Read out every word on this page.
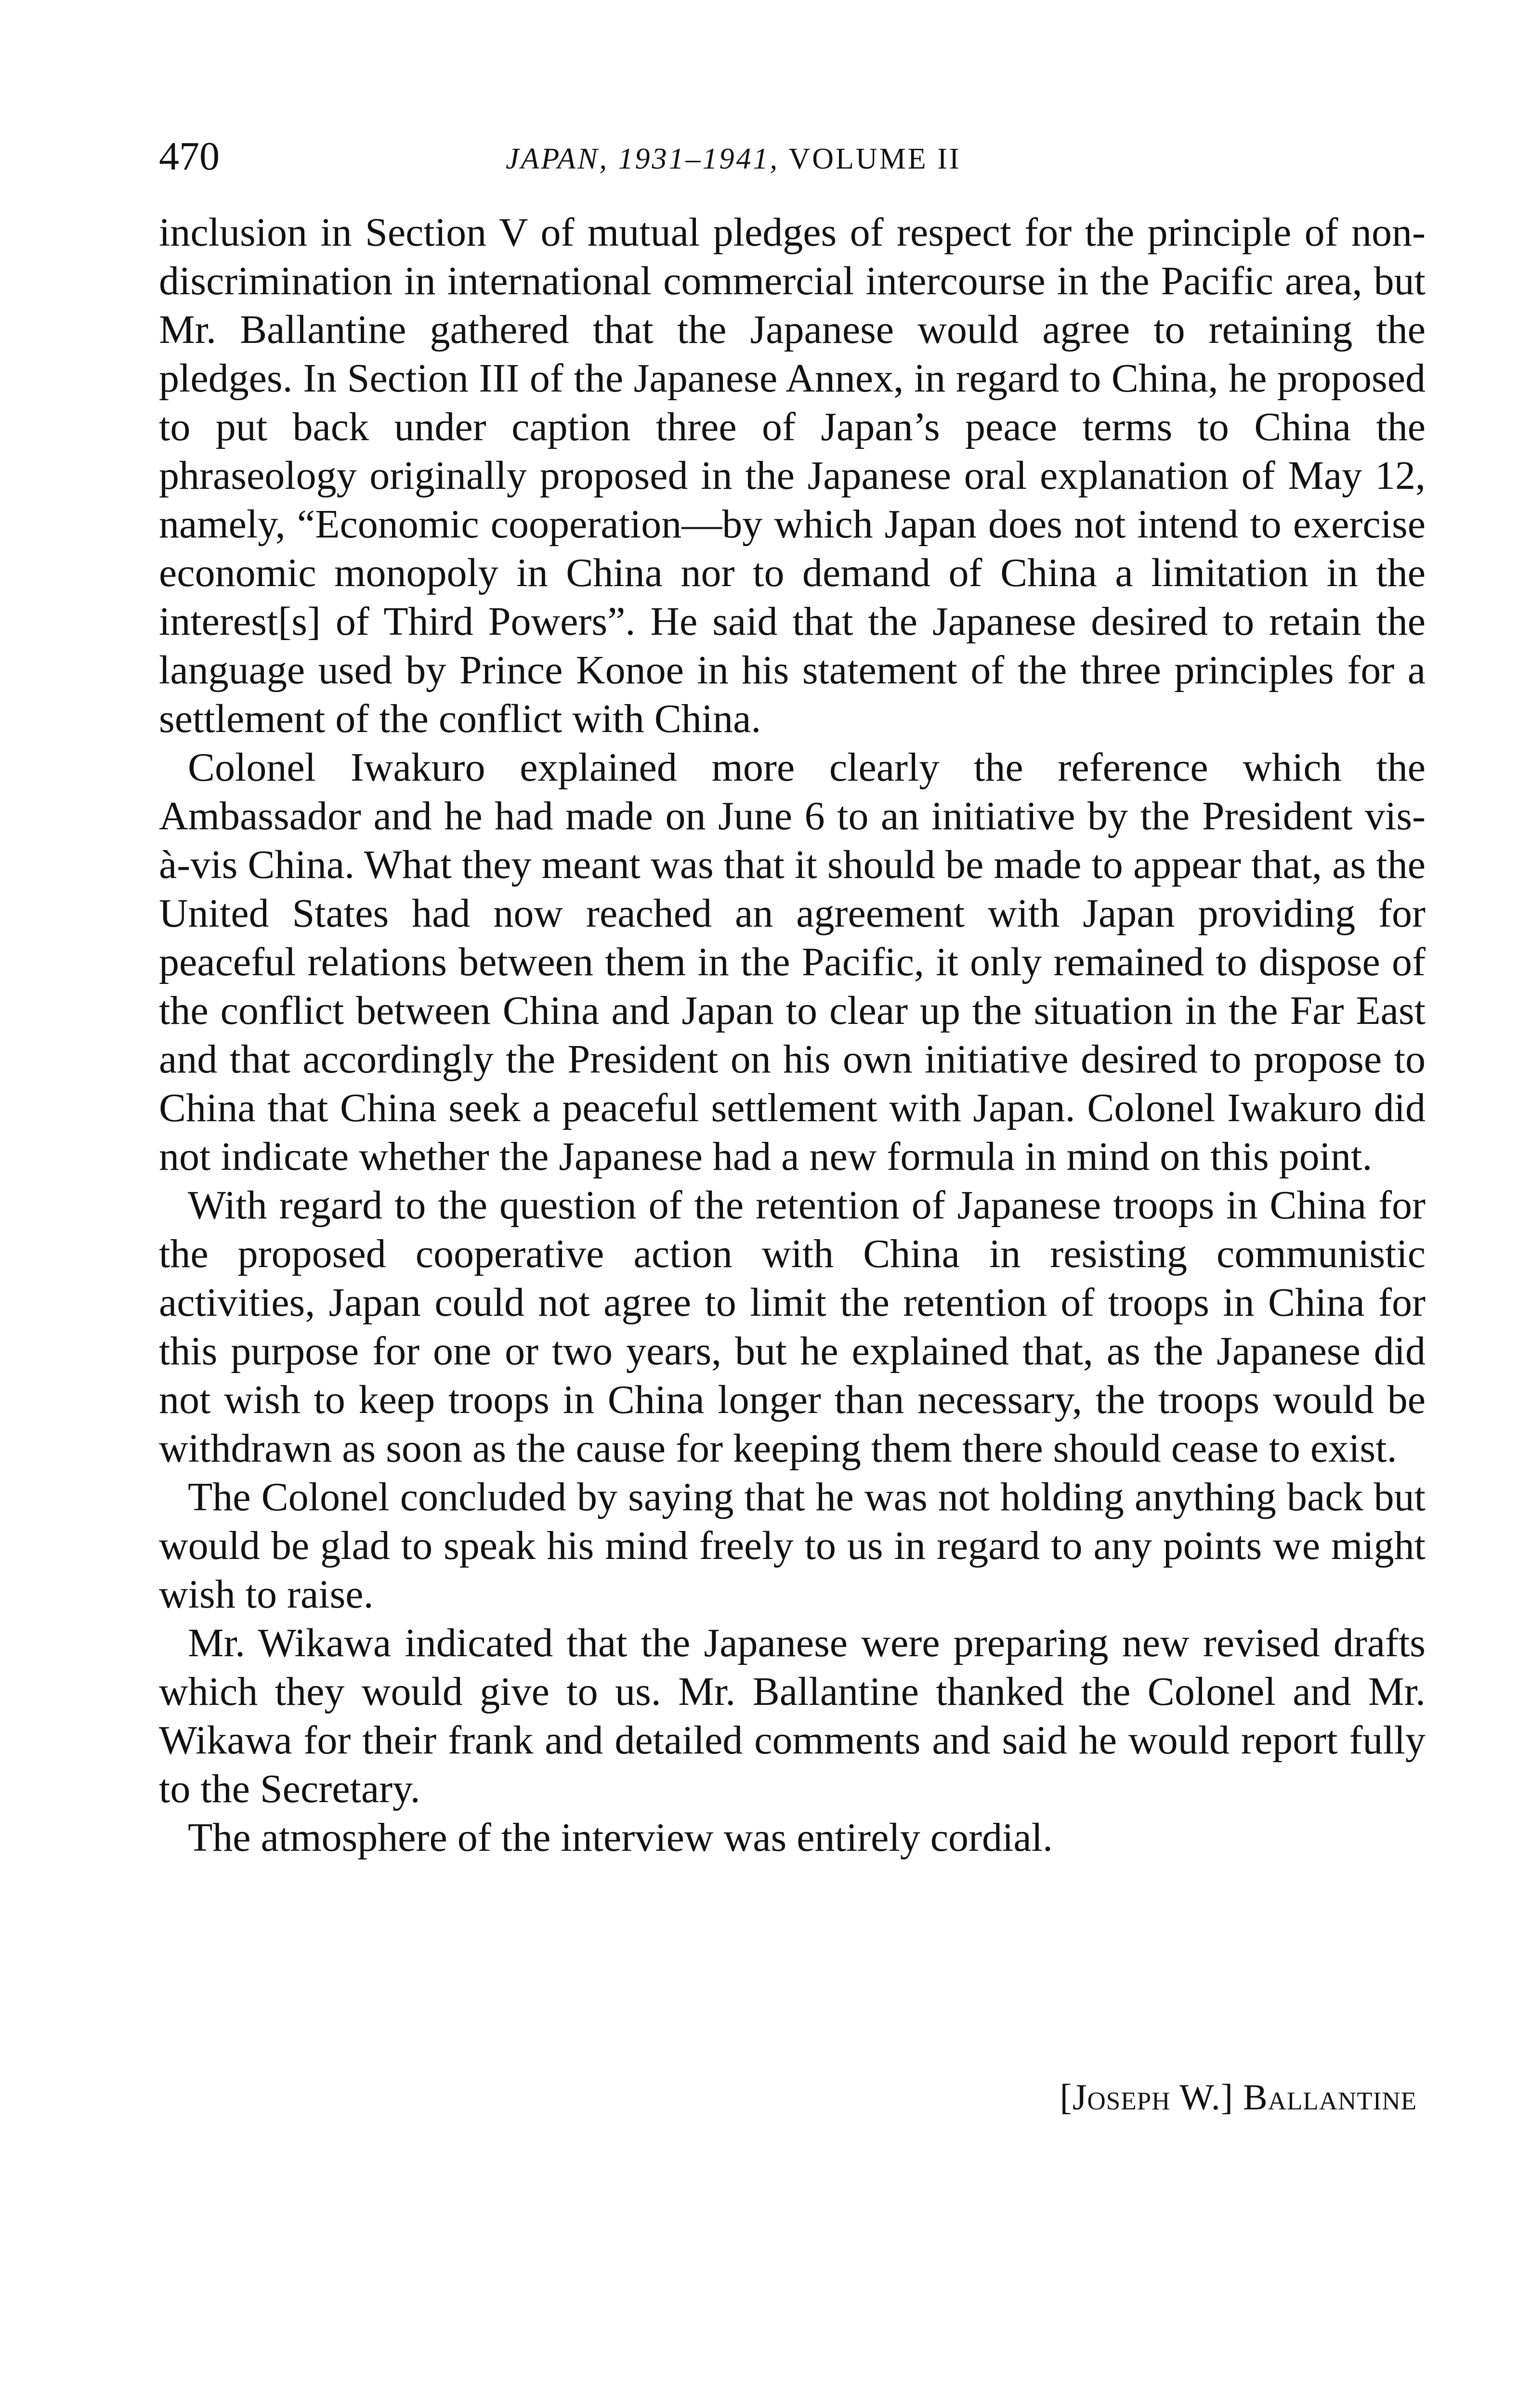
470	JAPAN, 1931–1941, VOLUME II

inclusion in Section V of mutual pledges of respect for the principle of non-discrimination in international commercial intercourse in the Pacific area, but Mr. Ballantine gathered that the Japanese would agree to retaining the pledges. In Section III of the Japanese Annex, in regard to China, he proposed to put back under caption three of Japan’s peace terms to China the phraseology originally proposed in the Japanese oral explanation of May 12, namely, “Economic cooperation—by which Japan does not intend to exercise economic monopoly in China nor to demand of China a limitation in the interest[s] of Third Powers”. He said that the Japanese desired to retain the language used by Prince Konoe in his statement of the three principles for a settlement of the conflict with China.

Colonel Iwakuro explained more clearly the reference which the Ambassador and he had made on June 6 to an initiative by the President vis-à-vis China. What they meant was that it should be made to appear that, as the United States had now reached an agreement with Japan providing for peaceful relations between them in the Pacific, it only remained to dispose of the conflict between China and Japan to clear up the situation in the Far East and that accordingly the President on his own initiative desired to propose to China that China seek a peaceful settlement with Japan. Colonel Iwakuro did not indicate whether the Japanese had a new formula in mind on this point.

With regard to the question of the retention of Japanese troops in China for the proposed cooperative action with China in resisting communistic activities, Japan could not agree to limit the retention of troops in China for this purpose for one or two years, but he explained that, as the Japanese did not wish to keep troops in China longer than necessary, the troops would be withdrawn as soon as the cause for keeping them there should cease to exist.

The Colonel concluded by saying that he was not holding anything back but would be glad to speak his mind freely to us in regard to any points we might wish to raise.

Mr. Wikawa indicated that the Japanese were preparing new revised drafts which they would give to us. Mr. Ballantine thanked the Colonel and Mr. Wikawa for their frank and detailed comments and said he would report fully to the Secretary.

The atmosphere of the interview was entirely cordial.

[Joseph W.] Ballantine
